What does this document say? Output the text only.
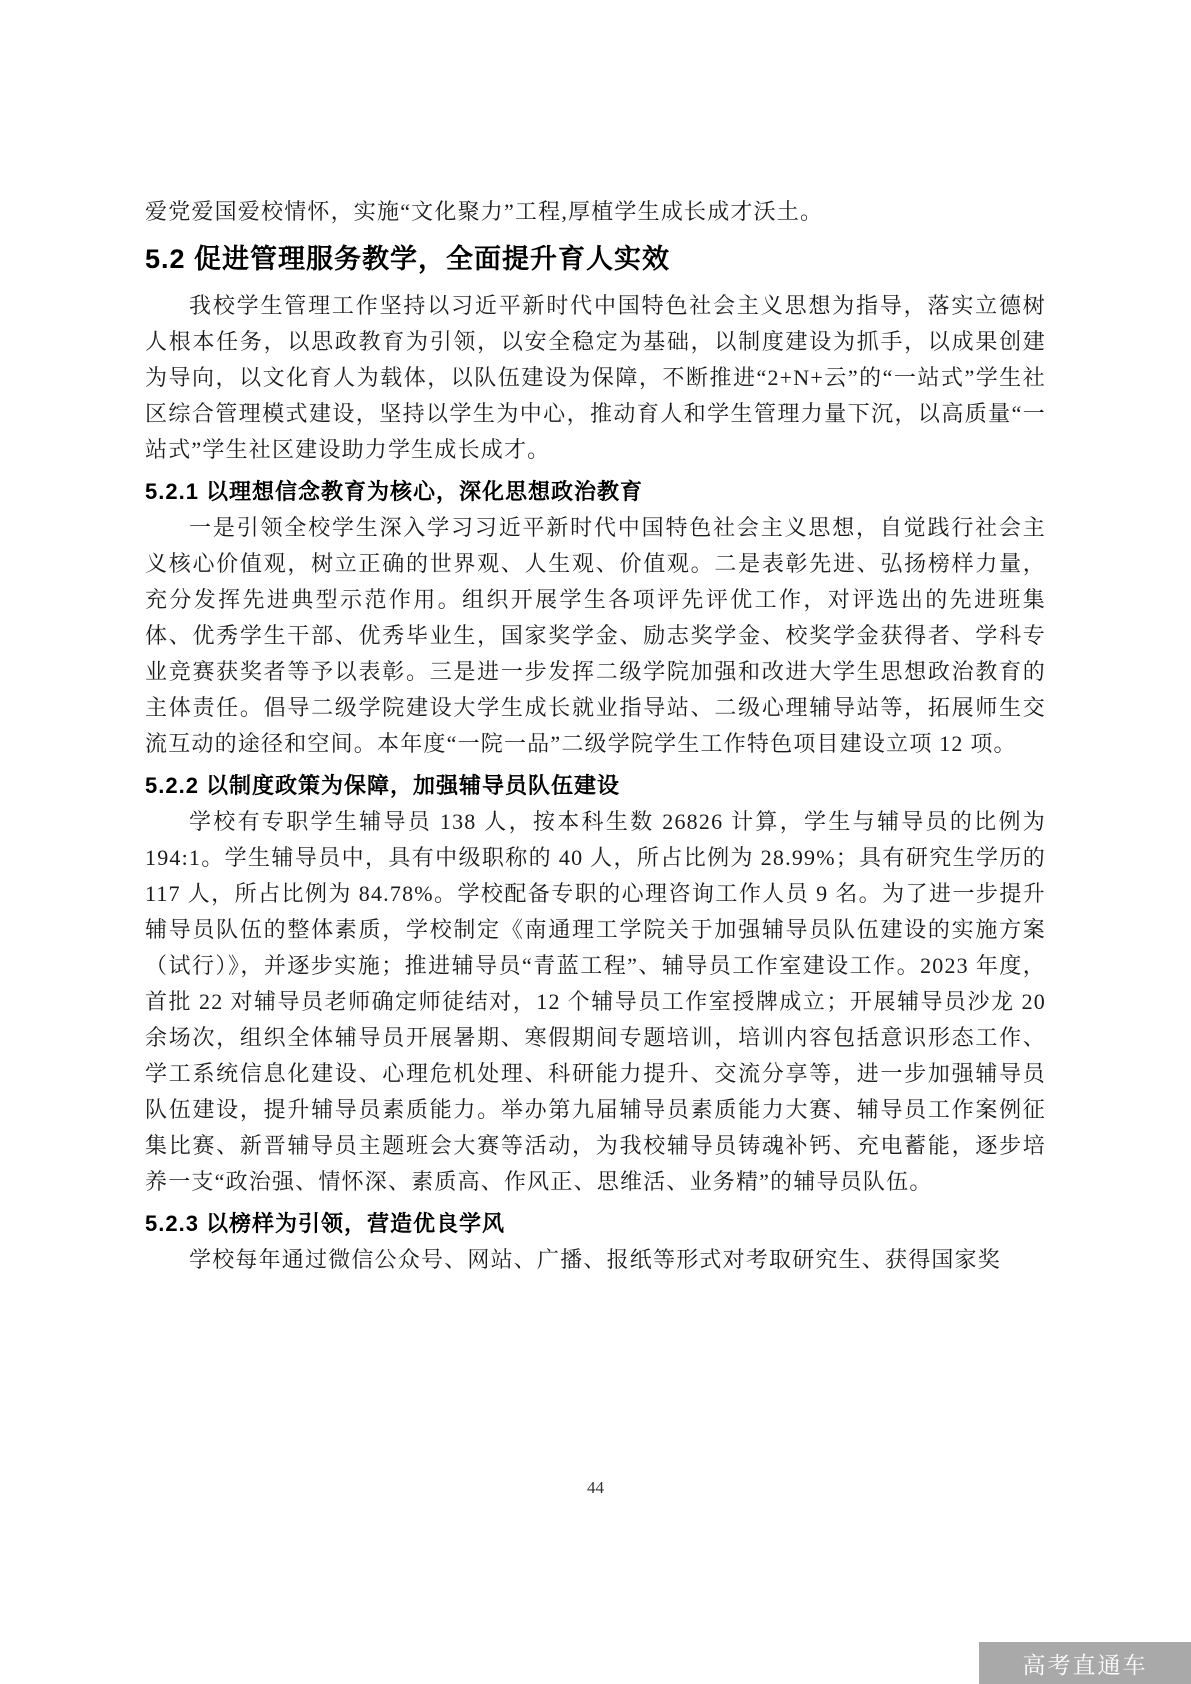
爱党爱国爱校情怀，实施“文化聚力”工程,厚植学生成长成才沃土。

5.2 促进管理服务教学，全面提升育人实效

我校学生管理工作坚持以习近平新时代中国特色社会主义思想为指导，落实立德树人根本任务，以思政教育为引领，以安全稳定为基础，以制度建设为抓手，以成果创建为导向，以文化育人为载体，以队伍建设为保障，不断推进“2+N+云”的“一站式”学生社区综合管理模式建设，坚持以学生为中心，推动育人和学生管理力量下沉，以高质量“一站式”学生社区建设助力学生成长成才。

5.2.1 以理想信念教育为核心，深化思想政治教育

一是引领全校学生深入学习习近平新时代中国特色社会主义思想，自觉践行社会主义核心价值观，树立正确的世界观、人生观、价值观。二是表彰先进、弘扬榜样力量，充分发挥先进典型示范作用。组织开展学生各项评先评优工作，对评选出的先进班集体、优秀学生干部、优秀毕业生，国家奖学金、励志奖学金、校奖学金获得者、学科专业竞赛获奖者等予以表彰。三是进一步发挥二级学院加强和改进大学生思想政治教育的主体责任。倡导二级学院建设大学生成长就业指导站、二级心理辅导站等，拓展师生交流互动的途径和空间。本年度“一院一品”二级学院学生工作特色项目建设立项 12 项。

5.2.2 以制度政策为保障，加强辅导员队伍建设

学校有专职学生辅导员 138 人，按本科生数 26826 计算，学生与辅导员的比例为 194:1。学生辅导员中，具有中级职称的 40 人，所占比例为 28.99%；具有研究生学历的 117 人，所占比例为 84.78%。学校配备专职的心理咨询工作人员 9 名。为了进一步提升辅导员队伍的整体素质，学校制定《南通理工学院关于加强辅导员队伍建设的实施方案（试行）》，并逐步实施；推进辅导员“青蓝工程”、辅导员工作室建设工作。2023 年度，首批 22 对辅导员老师确定师徒结对，12 个辅导员工作室授牌成立；开展辅导员沙龙 20 余场次，组织全体辅导员开展暑期、寒假期间专题培训，培训内容包括意识形态工作、学工系统信息化建设、心理危机处理、科研能力提升、交流分享等，进一步加强辅导员队伍建设，提升辅导员素质能力。举办第九届辅导员素质能力大赛、辅导员工作案例征集比赛、新晋辅导员主题班会大赛等活动，为我校辅导员铸魂补钙、充电蓄能，逐步培养一支“政治强、情怀深、素质高、作风正、思维活、业务精”的辅导员队伍。

5.2.3 以榜样为引领，营造优良学风

学校每年通过微信公众号、网站、广播、报纸等形式对考取研究生、获得国家奖

44
高考直通车
